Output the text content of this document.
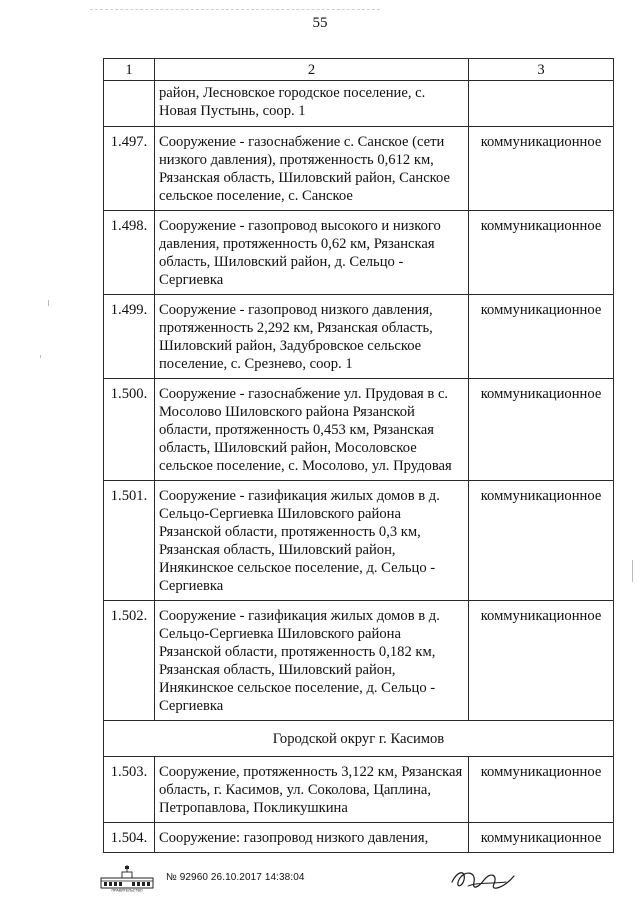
55
1	2	3
	район, Лесновское городское поселение, с. Новая Пустынь, соор. 1	
1.497.	Сооружение - газоснабжение с. Санское (сети низкого давления), протяженность 0,612 км, Рязанская область, Шиловский район, Санское сельское поселение, с. Санское	коммуникационное
1.498.	Сооружение - газопровод высокого и низкого давления, протяженность 0,62 км, Рязанская область, Шиловский район, д. Сельцо - Сергиевка	коммуникационное
1.499.	Сооружение - газопровод низкого давления, протяженность 2,292 км, Рязанская область, Шиловский район, Задубровское сельское поселение, с. Срезнево, соор. 1	коммуникационное
1.500.	Сооружение - газоснабжение ул. Прудовая в с. Мосолово Шиловского района Рязанской области, протяженность 0,453 км, Рязанская область, Шиловский район, Мосоловское сельское поселение, с. Мосолово, ул. Прудовая	коммуникационное
1.501.	Сооружение - газификация жилых домов в д. Сельцо-Сергиевка Шиловского района Рязанской области, протяженность 0,3 км, Рязанская область, Шиловский район, Инякинское сельское поселение, д. Сельцо - Сергиевка	коммуникационное
1.502.	Сооружение - газификация жилых домов в д. Сельцо-Сергиевка Шиловского района Рязанской области, протяженность 0,182 км, Рязанская область, Шиловский район, Инякинское сельское поселение, д. Сельцо - Сергиевка	коммуникационное
Городской округ г. Касимов		
1.503.	Сооружение, протяженность 3,122 км, Рязанская область, г. Касимов, ул. Соколова, Цаплина, Петропавлова, Покликушкина	коммуникационное
1.504.	Сооружение: газопровод низкого давления,	коммуникационное
ПРАВИТЕЛЬСТВО
№ 92960 26.10.2017 14:38:04
